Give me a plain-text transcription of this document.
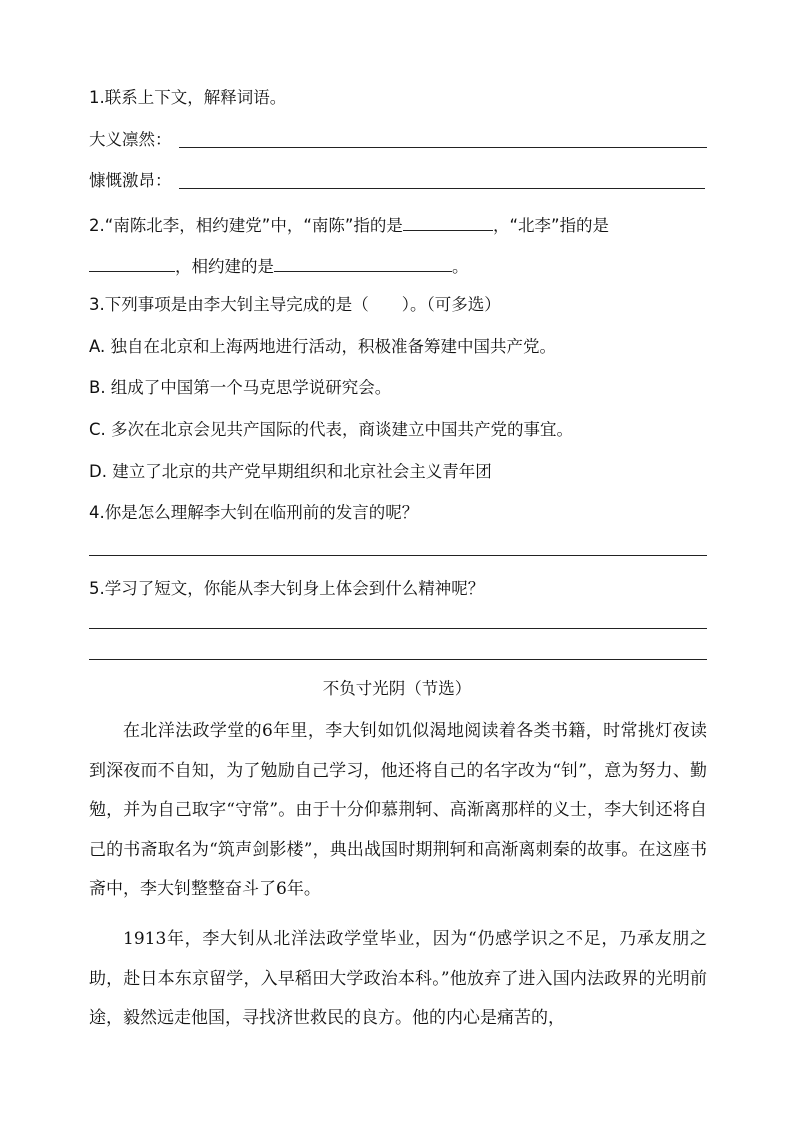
1.联系上下文，解释词语。
大义凛然：
慷慨激昂：
2.“南陈北李，相约建党”中，“南陈”指的是	，“北李”指的是
，相约建的是	。
3.下列事项是由李大钊主导完成的是（　　）。（可多选）
A. 独自在北京和上海两地进行活动，积极准备筹建中国共产党。
B. 组成了中国第一个马克思学说研究会。
C. 多次在北京会见共产国际的代表，商谈建立中国共产党的事宜。
D. 建立了北京的共产党早期组织和北京社会主义青年团
4.你是怎么理解李大钊在临刑前的发言的呢？
5.学习了短文，你能从李大钊身上体会到什么精神呢？
不负寸光阴（节选）

在北洋法政学堂的6年里，李大钊如饥似渴地阅读着各类书籍，时常挑灯夜读到深夜而不自知，为了勉励自己学习，他还将自己的名字改为“钊”，意为努力、勤勉，并为自己取字“守常”。由于十分仰慕荆轲、高渐离那样的义士，李大钊还将自己的书斋取名为“筑声剑影楼”，典出战国时期荆轲和高渐离刺秦的故事。在这座书斋中，李大钊整整奋斗了6年。

1913年，李大钊从北洋法政学堂毕业，因为“仍感学识之不足，乃承友朋之助，赴日本东京留学，入早稻田大学政治本科。”他放弃了进入国内法政界的光明前途，毅然远走他国，寻找济世救民的良方。他的内心是痛苦的，
